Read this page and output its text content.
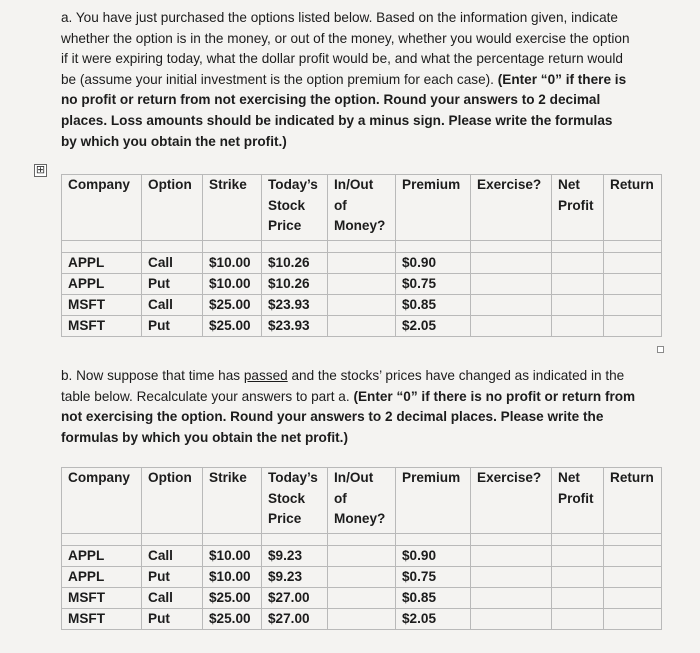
a. You have just purchased the options listed below. Based on the information given, indicate whether the option is in the money, or out of the money, whether you would exercise the option if it were expiring today, what the dollar profit would be, and what the percentage return would be (assume your initial investment is the option premium for each case). (Enter “0” if there is no profit or return from not exercising the option. Round your answers to 2 decimal places. Loss amounts should be indicated by a minus sign. Please write the formulas by which you obtain the net profit.)

⊞
Company	Option	Strike	Today’s
Stock
Price	In/Out
of
Money?	Premium	Exercise?	Net
Profit	Return

APPL	Call	$10.00	$10.26		$0.90			
APPL	Put	$10.00	$10.26		$0.75			
MSFT	Call	$25.00	$23.93		$0.85			
MSFT	Put	$25.00	$23.93		$2.05			

b. Now suppose that time has passed and the stocks’ prices have changed as indicated in the table below. Recalculate your answers to part a. (Enter “0” if there is no profit or return from not exercising the option. Round your answers to 2 decimal places. Please write the formulas by which you obtain the net profit.)

Company	Option	Strike	Today’s
Stock
Price	In/Out
of
Money?	Premium	Exercise?	Net
Profit	Return

APPL	Call	$10.00	$9.23		$0.90			
APPL	Put	$10.00	$9.23		$0.75			
MSFT	Call	$25.00	$27.00		$0.85			
MSFT	Put	$25.00	$27.00		$2.05			
